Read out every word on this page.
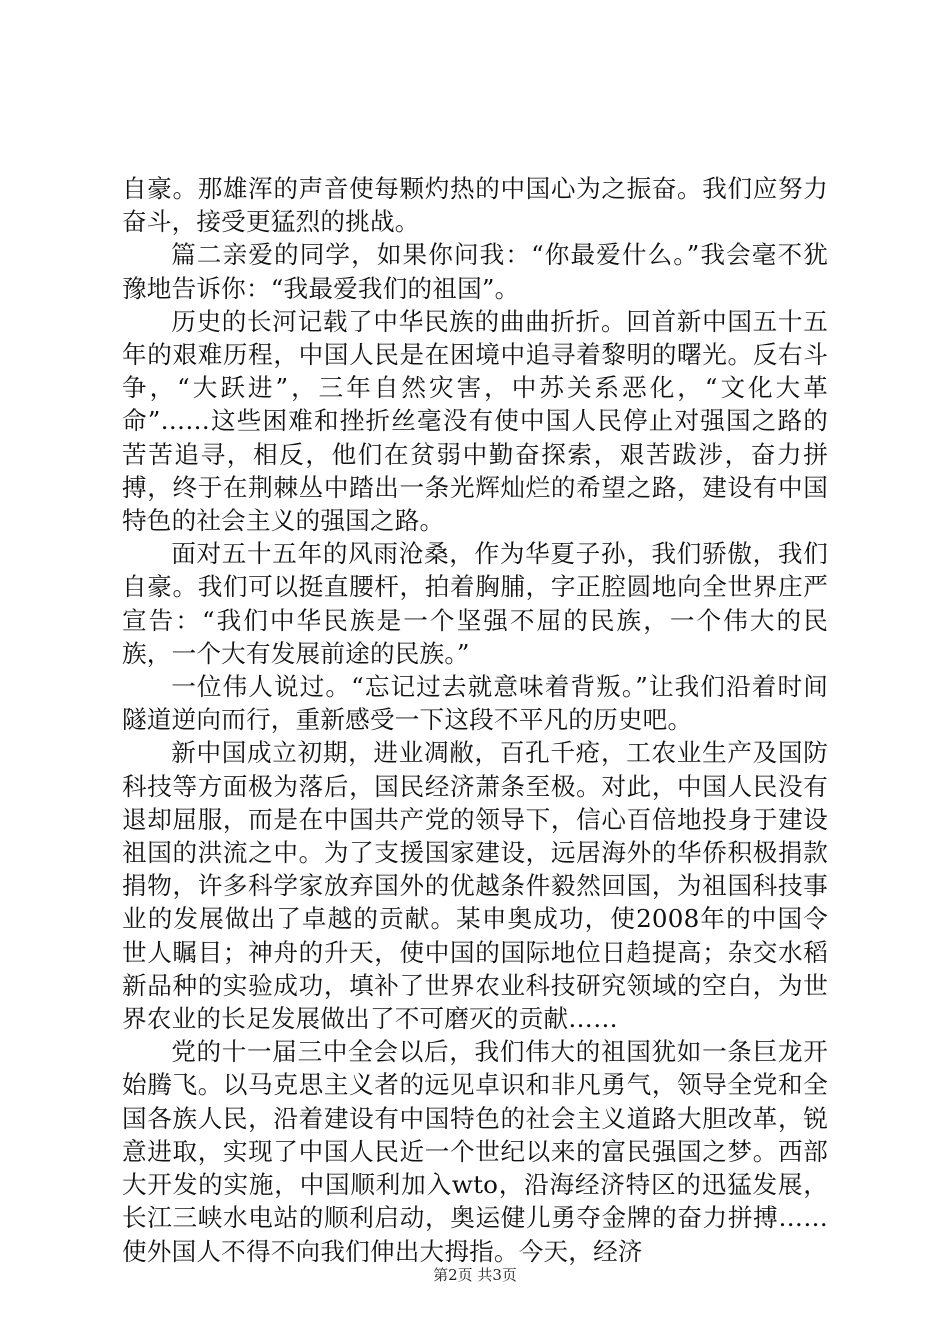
自豪。那雄浑的声音使每颗灼热的中国心为之振奋。我们应努力奋斗，接受更猛烈的挑战。

篇二亲爱的同学，如果你问我：“你最爱什么。”我会毫不犹豫地告诉你：“我最爱我们的祖国”。

历史的长河记载了中华民族的曲曲折折。回首新中国五十五年的艰难历程，中国人民是在困境中追寻着黎明的曙光。反右斗争，“大跃进”，三年自然灾害，中苏关系恶化，“文化大革命”……这些困难和挫折丝毫没有使中国人民停止对强国之路的苦苦追寻，相反，他们在贫弱中勤奋探索，艰苦跋涉，奋力拼搏，终于在荆棘丛中踏出一条光辉灿烂的希望之路，建设有中国特色的社会主义的强国之路。

面对五十五年的风雨沧桑，作为华夏子孙，我们骄傲，我们自豪。我们可以挺直腰杆，拍着胸脯，字正腔圆地向全世界庄严宣告：“我们中华民族是一个坚强不屈的民族，一个伟大的民族，一个大有发展前途的民族。”

一位伟人说过。“忘记过去就意味着背叛。”让我们沿着时间隧道逆向而行，重新感受一下这段不平凡的历史吧。

新中国成立初期，进业凋敝，百孔千疮，工农业生产及国防科技等方面极为落后，国民经济萧条至极。对此，中国人民没有退却屈服，而是在中国共产党的领导下，信心百倍地投身于建设祖国的洪流之中。为了支援国家建设，远居海外的华侨积极捐款捐物，许多科学家放弃国外的优越条件毅然回国，为祖国科技事业的发展做出了卓越的贡献。某申奥成功，使2008年的中国令世人瞩目；神舟的升天，使中国的国际地位日趋提高；杂交水稻新品种的实验成功，填补了世界农业科技研究领域的空白，为世界农业的长足发展做出了不可磨灭的贡献……

党的十一届三中全会以后，我们伟大的祖国犹如一条巨龙开始腾飞。以马克思主义者的远见卓识和非凡勇气，领导全党和全国各族人民，沿着建设有中国特色的社会主义道路大胆改革，锐意进取，实现了中国人民近一个世纪以来的富民强国之梦。西部大开发的实施，中国顺利加入wto，沿海经济特区的迅猛发展，长江三峡水电站的顺利启动，奥运健儿勇夺金牌的奋力拼搏……使外国人不得不向我们伸出大拇指。今天，经济

第2页 共3页
